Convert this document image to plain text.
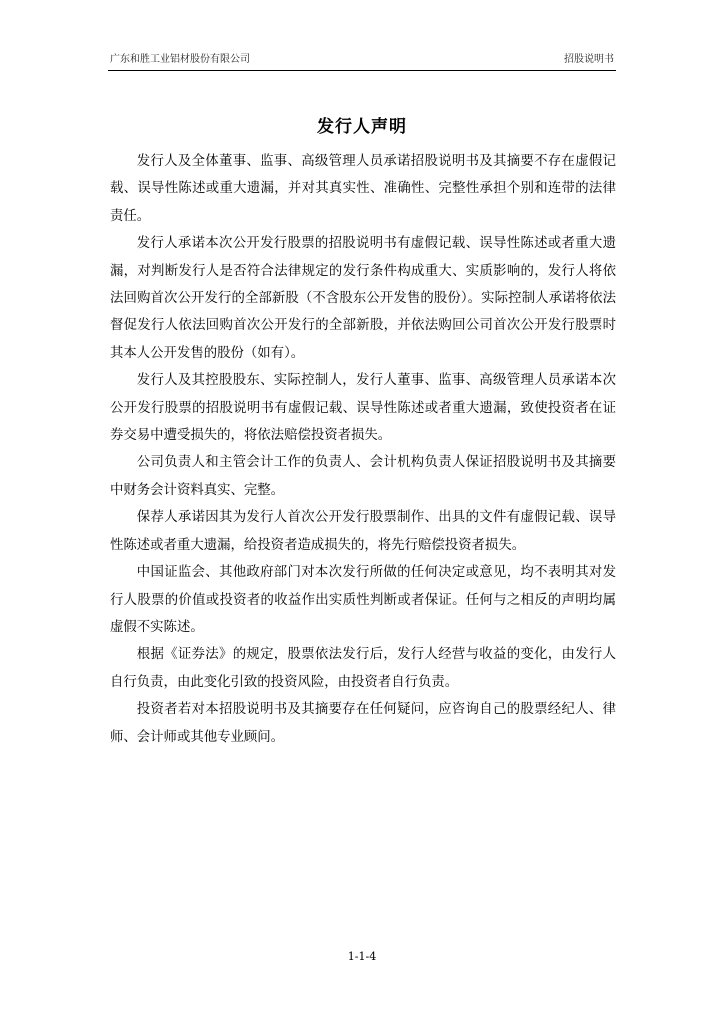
广东和胜工业铝材股份有限公司	招股说明书
发行人声明

发行人及全体董事、监事、高级管理人员承诺招股说明书及其摘要不存在虚假记载、误导性陈述或重大遗漏，并对其真实性、准确性、完整性承担个别和连带的法律责任。

发行人承诺本次公开发行股票的招股说明书有虚假记载、误导性陈述或者重大遗漏，对判断发行人是否符合法律规定的发行条件构成重大、实质影响的，发行人将依法回购首次公开发行的全部新股（不含股东公开发售的股份）。实际控制人承诺将依法督促发行人依法回购首次公开发行的全部新股，并依法购回公司首次公开发行股票时其本人公开发售的股份（如有）。

发行人及其控股股东、实际控制人，发行人董事、监事、高级管理人员承诺本次公开发行股票的招股说明书有虚假记载、误导性陈述或者重大遗漏，致使投资者在证券交易中遭受损失的，将依法赔偿投资者损失。

公司负责人和主管会计工作的负责人、会计机构负责人保证招股说明书及其摘要中财务会计资料真实、完整。

保荐人承诺因其为发行人首次公开发行股票制作、出具的文件有虚假记载、误导性陈述或者重大遗漏，给投资者造成损失的，将先行赔偿投资者损失。

中国证监会、其他政府部门对本次发行所做的任何决定或意见，均不表明其对发行人股票的价值或投资者的收益作出实质性判断或者保证。任何与之相反的声明均属虚假不实陈述。

根据《证券法》的规定，股票依法发行后，发行人经营与收益的变化，由发行人自行负责，由此变化引致的投资风险，由投资者自行负责。

投资者若对本招股说明书及其摘要存在任何疑问，应咨询自己的股票经纪人、律师、会计师或其他专业顾问。

1-1-4
